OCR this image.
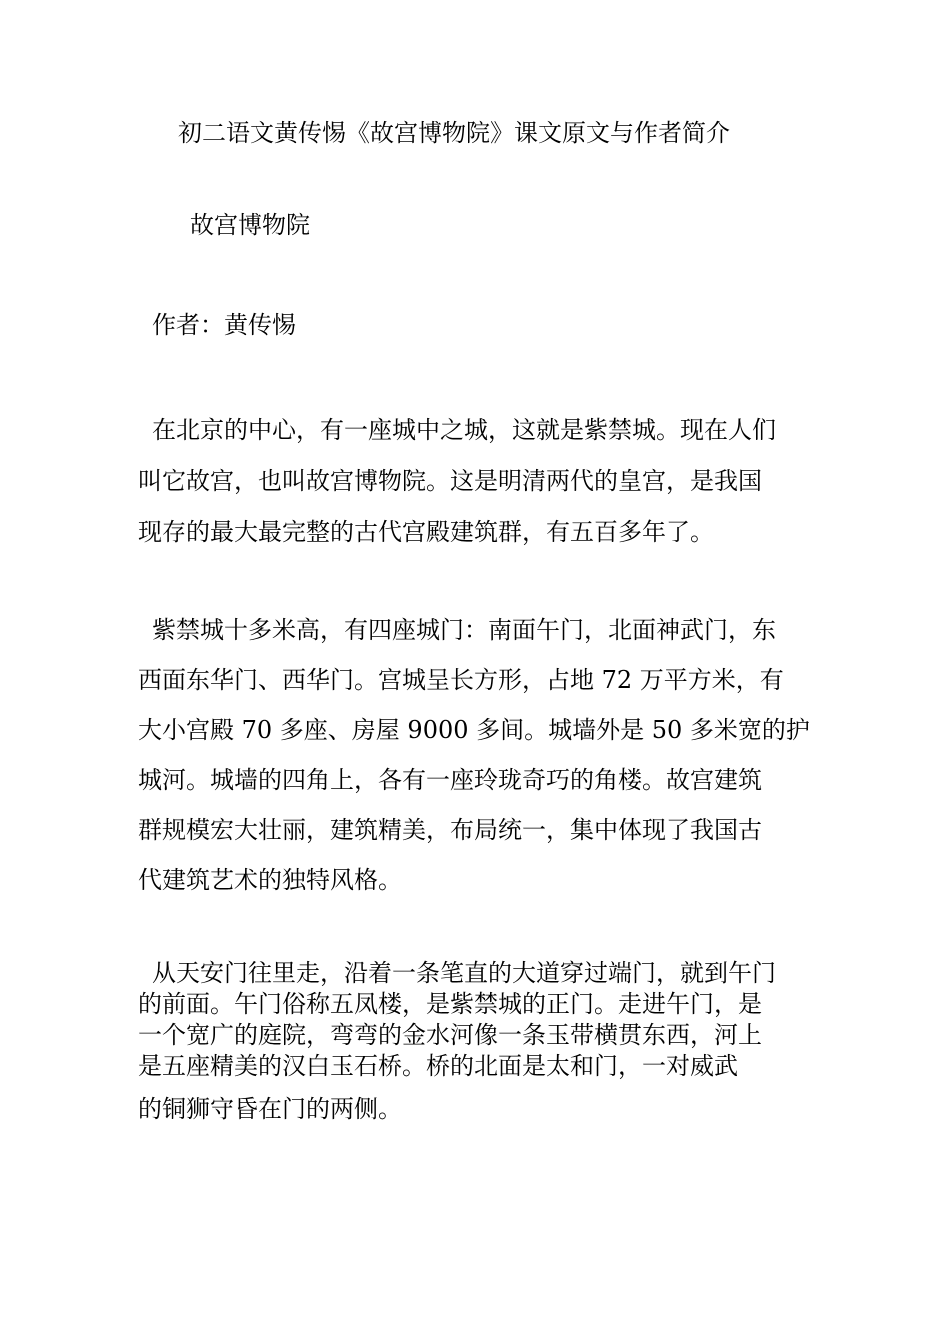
初二语文黄传惕《故宫博物院》课文原文与作者简介
故宫博物院
作者：黄传惕
在北京的中心，有一座城中之城，这就是紫禁城。现在人们
叫它故宫，也叫故宫博物院。这是明清两代的皇宫，是我国
现存的最大最完整的古代宫殿建筑群，有五百多年了。
紫禁城十多米高，有四座城门：南面午门，北面神武门，东
西面东华门、西华门。宫城呈长方形，占地 72 万平方米，有
大小宫殿 70 多座、房屋 9000 多间。城墙外是 50 多米宽的护
城河。城墙的四角上，各有一座玲珑奇巧的角楼。故宫建筑
群规模宏大壮丽，建筑精美，布局统一，集中体现了我国古
代建筑艺术的独特风格。
从天安门往里走，沿着一条笔直的大道穿过端门，就到午门
的前面。午门俗称五凤楼，是紫禁城的正门。走进午门，是
一个宽广的庭院，弯弯的金水河像一条玉带横贯东西，河上
是五座精美的汉白玉石桥。桥的北面是太和门，一对威武
的铜狮守昏在门的两侧。
